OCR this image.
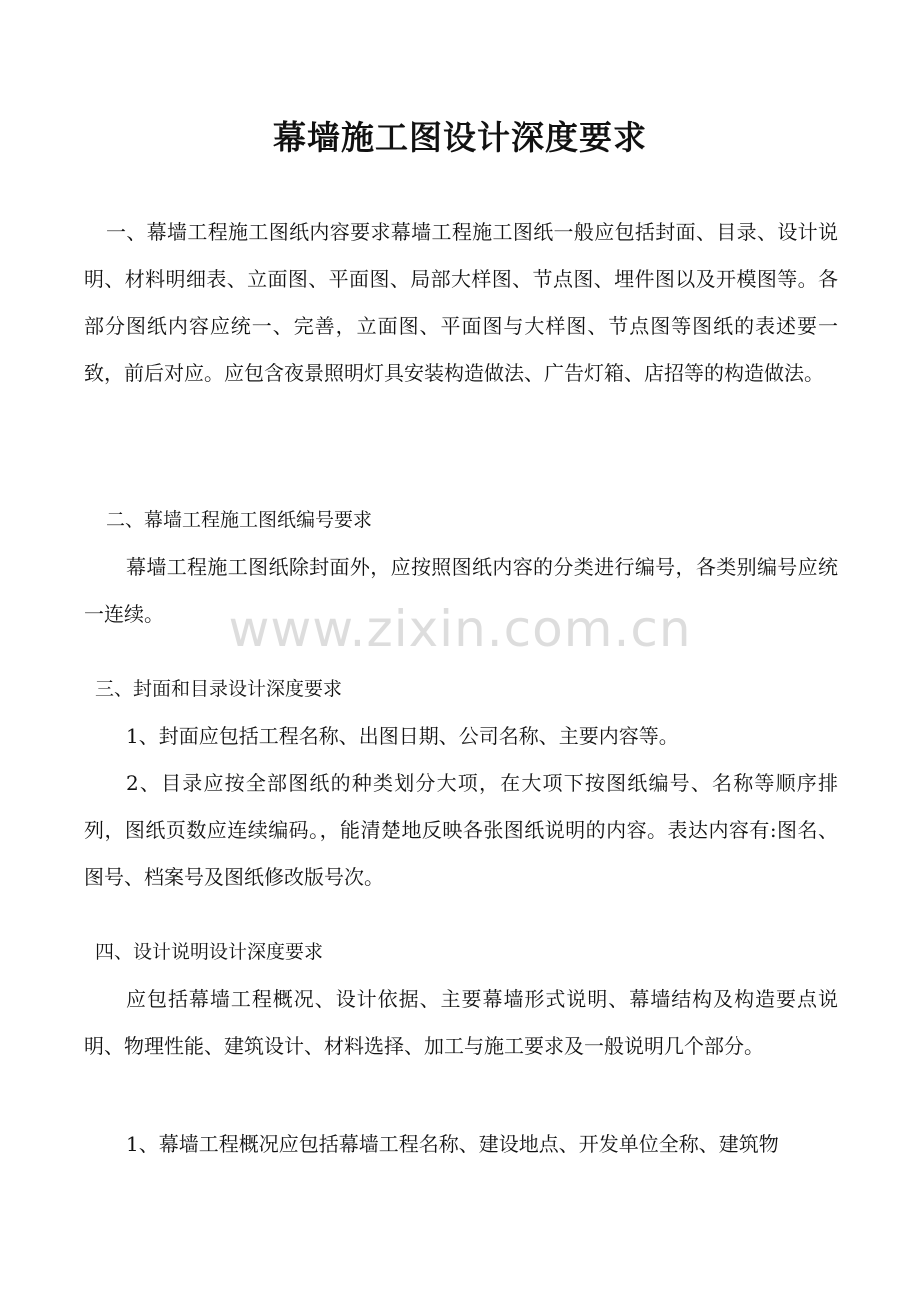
幕墙施工图设计深度要求

一、幕墙工程施工图纸内容要求幕墙工程施工图纸一般应包括封面、目录、设计说明、材料明细表、立面图、平面图、局部大样图、节点图、埋件图以及开模图等。各部分图纸内容应统一、完善，立面图、平面图与大样图、节点图等图纸的表述要一致，前后对应。应包含夜景照明灯具安装构造做法、广告灯箱、店招等的构造做法。

二、幕墙工程施工图纸编号要求

幕墙工程施工图纸除封面外，应按照图纸内容的分类进行编号，各类别编号应统一连续。

三、封面和目录设计深度要求

1、封面应包括工程名称、出图日期、公司名称、主要内容等。

2、目录应按全部图纸的种类划分大项，在大项下按图纸编号、名称等顺序排列，图纸页数应连续编码。，能清楚地反映各张图纸说明的内容。表达内容有:图名、图号、档案号及图纸修改版号次。

四、设计说明设计深度要求

应包括幕墙工程概况、设计依据、主要幕墙形式说明、幕墙结构及构造要点说明、物理性能、建筑设计、材料选择、加工与施工要求及一般说明几个部分。

1、幕墙工程概况应包括幕墙工程名称、建设地点、开发单位全称、建筑物

www.zixin.com.cn
